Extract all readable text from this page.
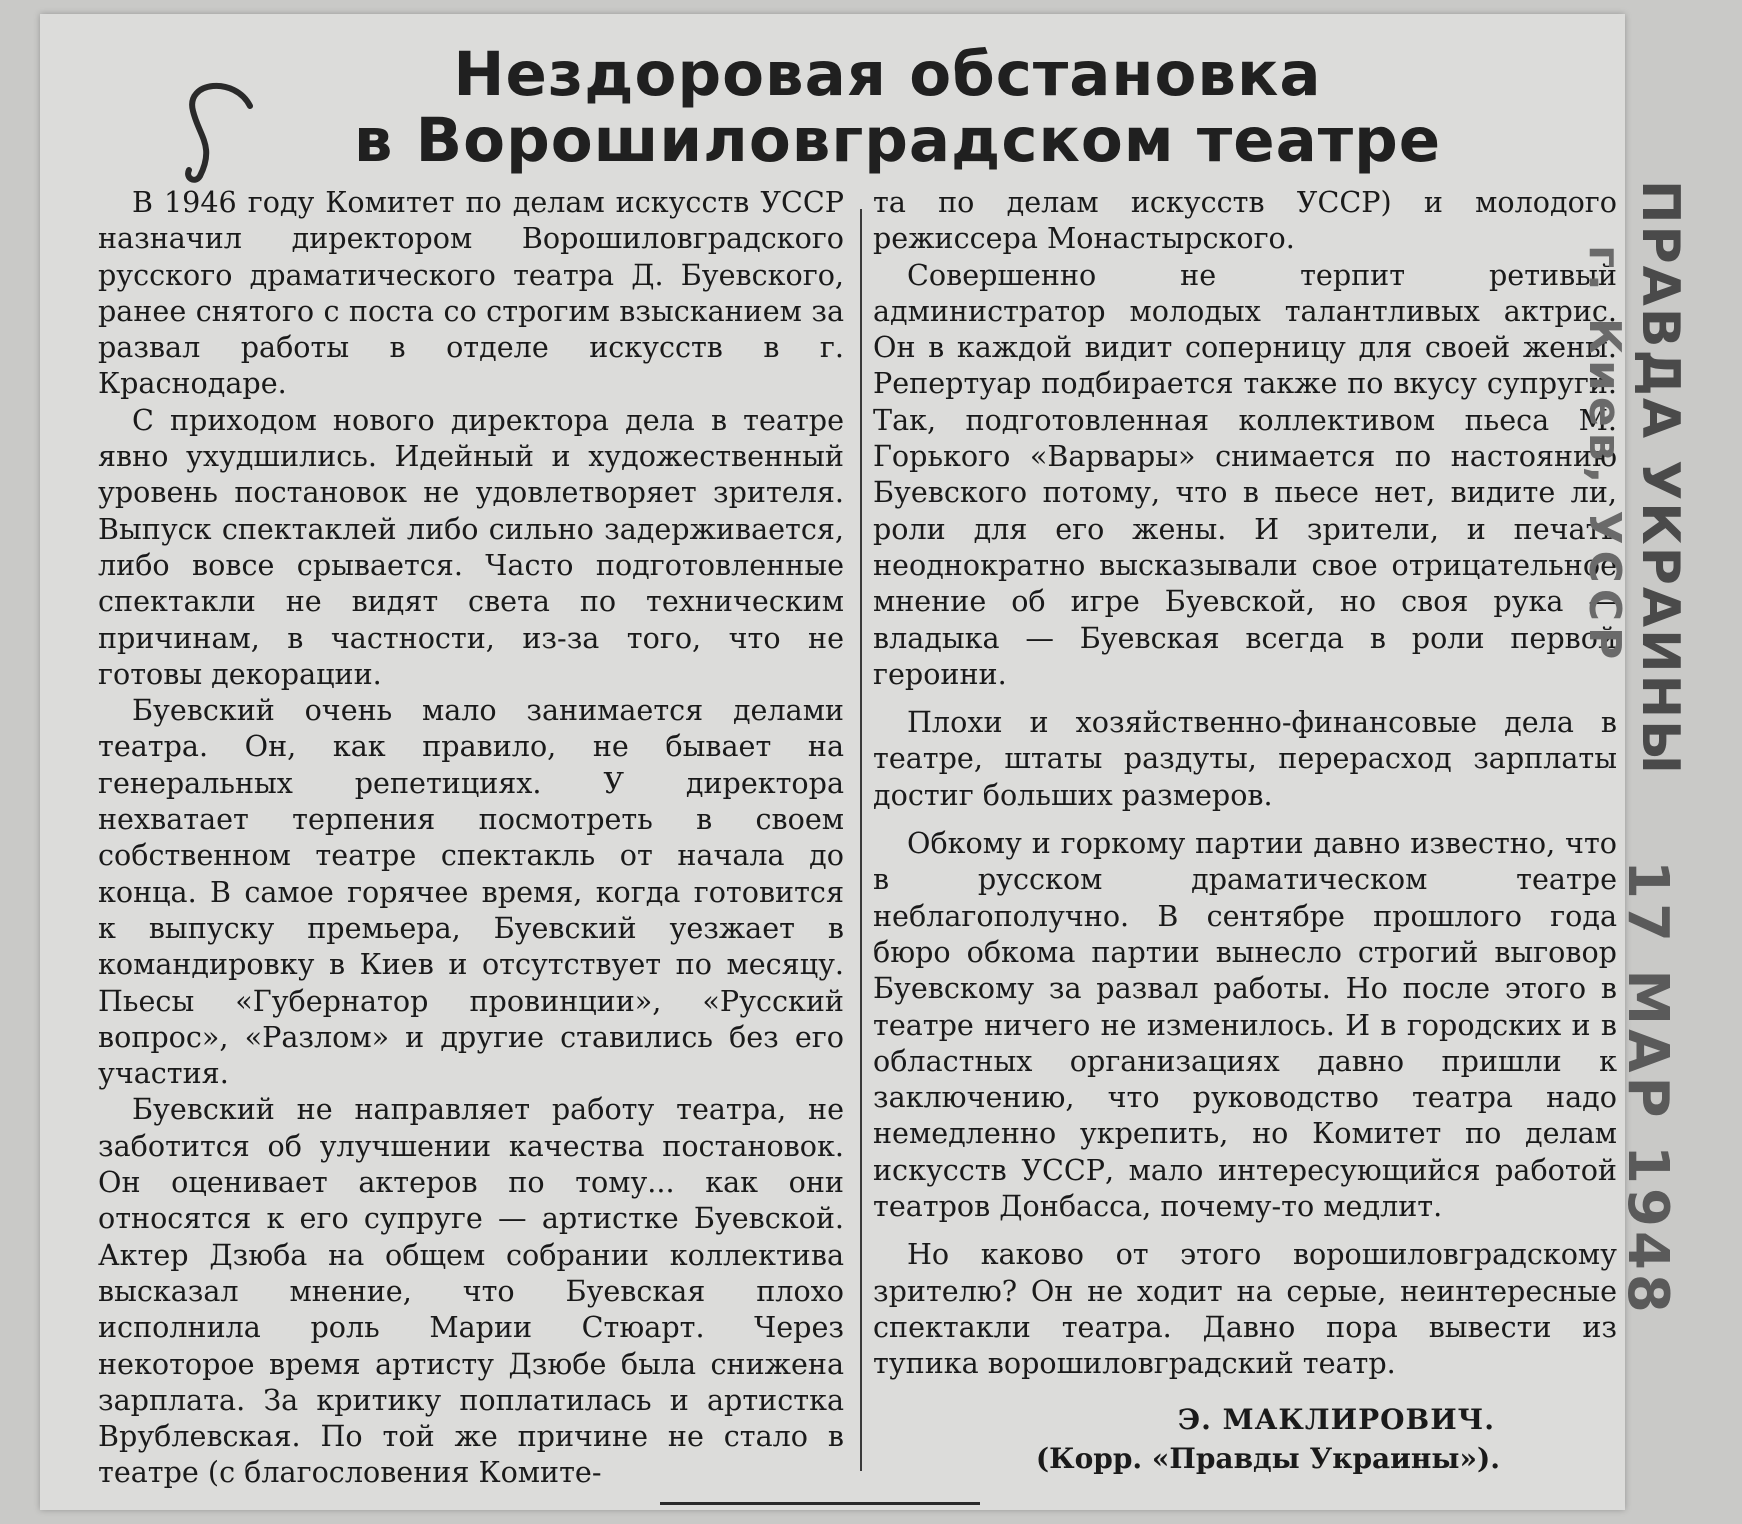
Нездоровая обстановка
в Ворошиловградском театре

В 1946 году Комитет по делам искусств УССР назначил директором Ворошиловградского русского драматического театра Д. Буевского, ранее снятого с поста со строгим взысканием за развал работы в отделе искусств в г. Краснодаре.

С приходом нового директора дела в театре явно ухудшились. Идейный и художественный уровень постановок не удовлетворяет зрителя. Выпуск спектаклей либо сильно задерживается, либо вовсе срывается. Часто подготовленные спектакли не видят света по техническим причинам, в частности, из-за того, что не готовы декорации.

Буевский очень мало занимается делами театра. Он, как правило, не бывает на генеральных репетициях. У директора нехватает терпения посмотреть в своем собственном театре спектакль от начала до конца. В самое горячее время, когда готовится к выпуску премьера, Буевский уезжает в командировку в Киев и отсутствует по месяцу. Пьесы «Губернатор провинции», «Русский вопрос», «Разлом» и другие ставились без его участия.

Буевский не направляет работу театра, не заботится об улучшении качества постановок. Он оценивает актеров по тому... как они относятся к его супруге — артистке Буевской. Актер Дзюба на общем собрании коллектива высказал мнение, что Буевская плохо исполнила роль Марии Стюарт. Через некоторое время артисту Дзюбе была снижена зарплата. За критику поплатилась и артистка Врублевская. По той же причине не стало в театре (с благословения Комите-

та по делам искусств УССР) и молодого режиссера Монастырского.

Совершенно не терпит ретивый администратор молодых талантливых актрис. Он в каждой видит соперницу для своей жены. Репертуар подбирается также по вкусу супруги. Так, подготовленная коллективом пьеса М. Горького «Варвары» снимается по настоянию Буевского потому, что в пьесе нет, видите ли, роли для его жены. И зрители, и печать неоднократно высказывали свое отрицательное мнение об игре Буевской, но своя рука — владыка — Буевская всегда в роли первой героини.

Плохи и хозяйственно-финансовые дела в театре, штаты раздуты, перерасход зарплаты достиг больших размеров.

Обкому и горкому партии давно известно, что в русском драматическом театре неблагополучно. В сентябре прошлого года бюро обкома партии вынесло строгий выговор Буевскому за развал работы. Но после этого в театре ничего не изменилось. И в городских и в областных организациях давно пришли к заключению, что руководство театра надо немедленно укрепить, но Комитет по делам искусств УССР, мало интересующийся работой театров Донбасса, почему-то медлит.

Но каково от этого ворошиловградскому зрителю? Он не ходит на серые, неинтересные спектакли театра. Давно пора вывести из тупика ворошиловградский театр.

Э. МАКЛИРОВИЧ.
(Корр. «Правды Украины»).
ПРАВДА УКРАИНЫ
г. Киев, УССР
17 МАР 1948
